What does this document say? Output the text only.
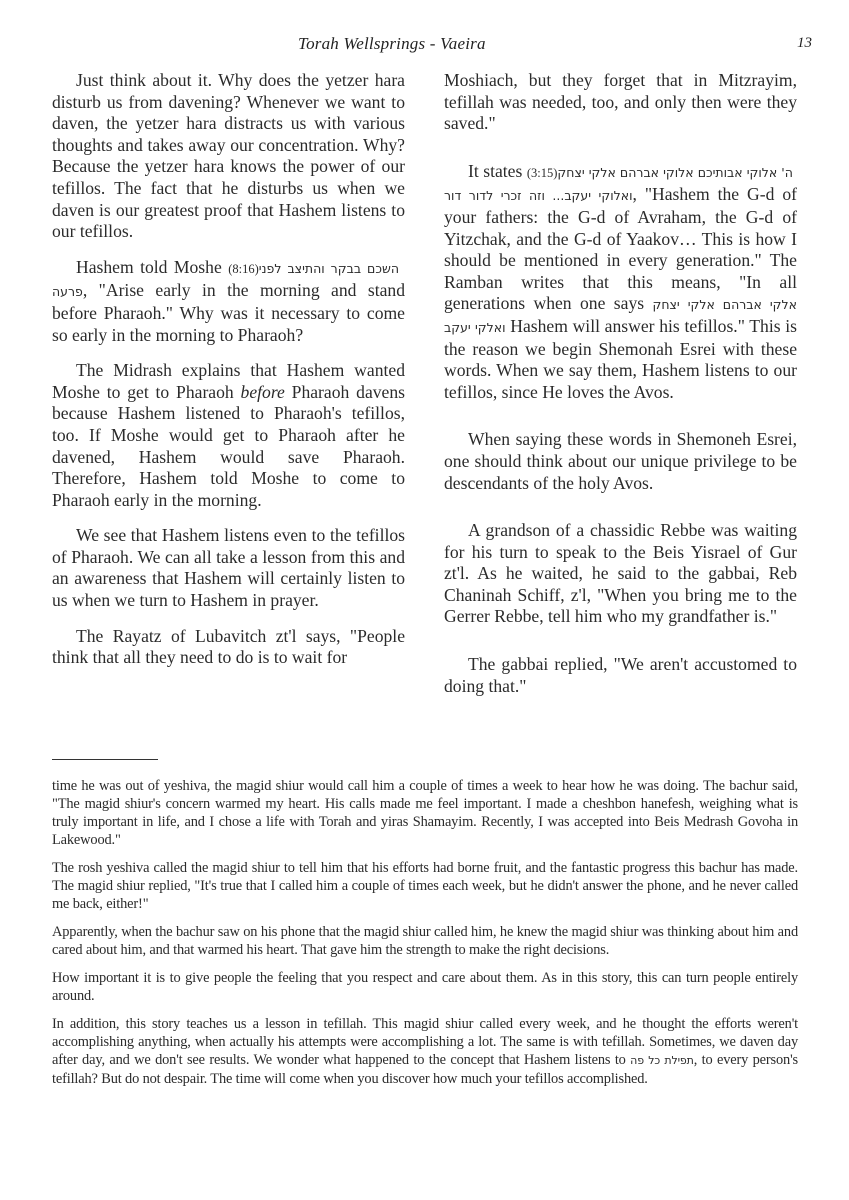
Torah Wellsprings - Vaeira	13

Just think about it. Why does the yetzer hara disturb us from davening? Whenever we want to daven, the yetzer hara distracts us with various thoughts and takes away our concentration. Why? Because the yetzer hara knows the power of our tefillos. The fact that he disturbs us when we daven is our greatest proof that Hashem listens to our tefillos.

Hashem told Moshe (8:16) השכם בבקר והתיצב לפני פרעה, "Arise early in the morning and stand before Pharaoh." Why was it necessary to come so early in the morning to Pharaoh?

The Midrash explains that Hashem wanted Moshe to get to Pharaoh before Pharaoh davens because Hashem listened to Pharaoh's tefillos, too. If Moshe would get to Pharaoh after he davened, Hashem would save Pharaoh. Therefore, Hashem told Moshe to come to Pharaoh early in the morning.

We see that Hashem listens even to the tefillos of Pharaoh. We can all take a lesson from this and an awareness that Hashem will certainly listen to us when we turn to Hashem in prayer.

The Rayatz of Lubavitch zt'l says, "People think that all they need to do is to wait for

Moshiach, but they forget that in Mitzrayim, tefillah was needed, too, and only then were they saved."

It states (3:15) ה' אלוקי אבותיכם אלוקי אברהם אלקי יצחק ואלוקי יעקב... וזה זכרי לדור דור, "Hashem the G-d of your fathers: the G-d of Avraham, the G-d of Yitzchak, and the G-d of Yaakov… This is how I should be mentioned in every generation." The Ramban writes that this means, "In all generations when one says אלקי אברהם אלקי יצחק ואלקי יעקב Hashem will answer his tefillos." This is the reason we begin Shemonah Esrei with these words. When we say them, Hashem listens to our tefillos, since He loves the Avos.

When saying these words in Shemoneh Esrei, one should think about our unique privilege to be descendants of the holy Avos.

A grandson of a chassidic Rebbe was waiting for his turn to speak to the Beis Yisrael of Gur zt'l. As he waited, he said to the gabbai, Reb Chaninah Schiff, z'l, "When you bring me to the Gerrer Rebbe, tell him who my grandfather is."

The gabbai replied, "We aren't accustomed to doing that."

time he was out of yeshiva, the magid shiur would call him a couple of times a week to hear how he was doing. The bachur said, "The magid shiur's concern warmed my heart. His calls made me feel important. I made a cheshbon hanefesh, weighing what is truly important in life, and I chose a life with Torah and yiras Shamayim. Recently, I was accepted into Beis Medrash Govoha in Lakewood."

The rosh yeshiva called the magid shiur to tell him that his efforts had borne fruit, and the fantastic progress this bachur has made. The magid shiur replied, "It's true that I called him a couple of times each week, but he didn't answer the phone, and he never called me back, either!"

Apparently, when the bachur saw on his phone that the magid shiur called him, he knew the magid shiur was thinking about him and cared about him, and that warmed his heart. That gave him the strength to make the right decisions.

How important it is to give people the feeling that you respect and care about them. As in this story, this can turn people entirely around.

In addition, this story teaches us a lesson in tefillah. This magid shiur called every week, and he thought the efforts weren't accomplishing anything, when actually his attempts were accomplishing a lot. The same is with tefillah. Sometimes, we daven day after day, and we don't see results. We wonder what happened to the concept that Hashem listens to תפילת כל פה, to every person's tefillah? But do not despair. The time will come when you discover how much your tefillos accomplished.
